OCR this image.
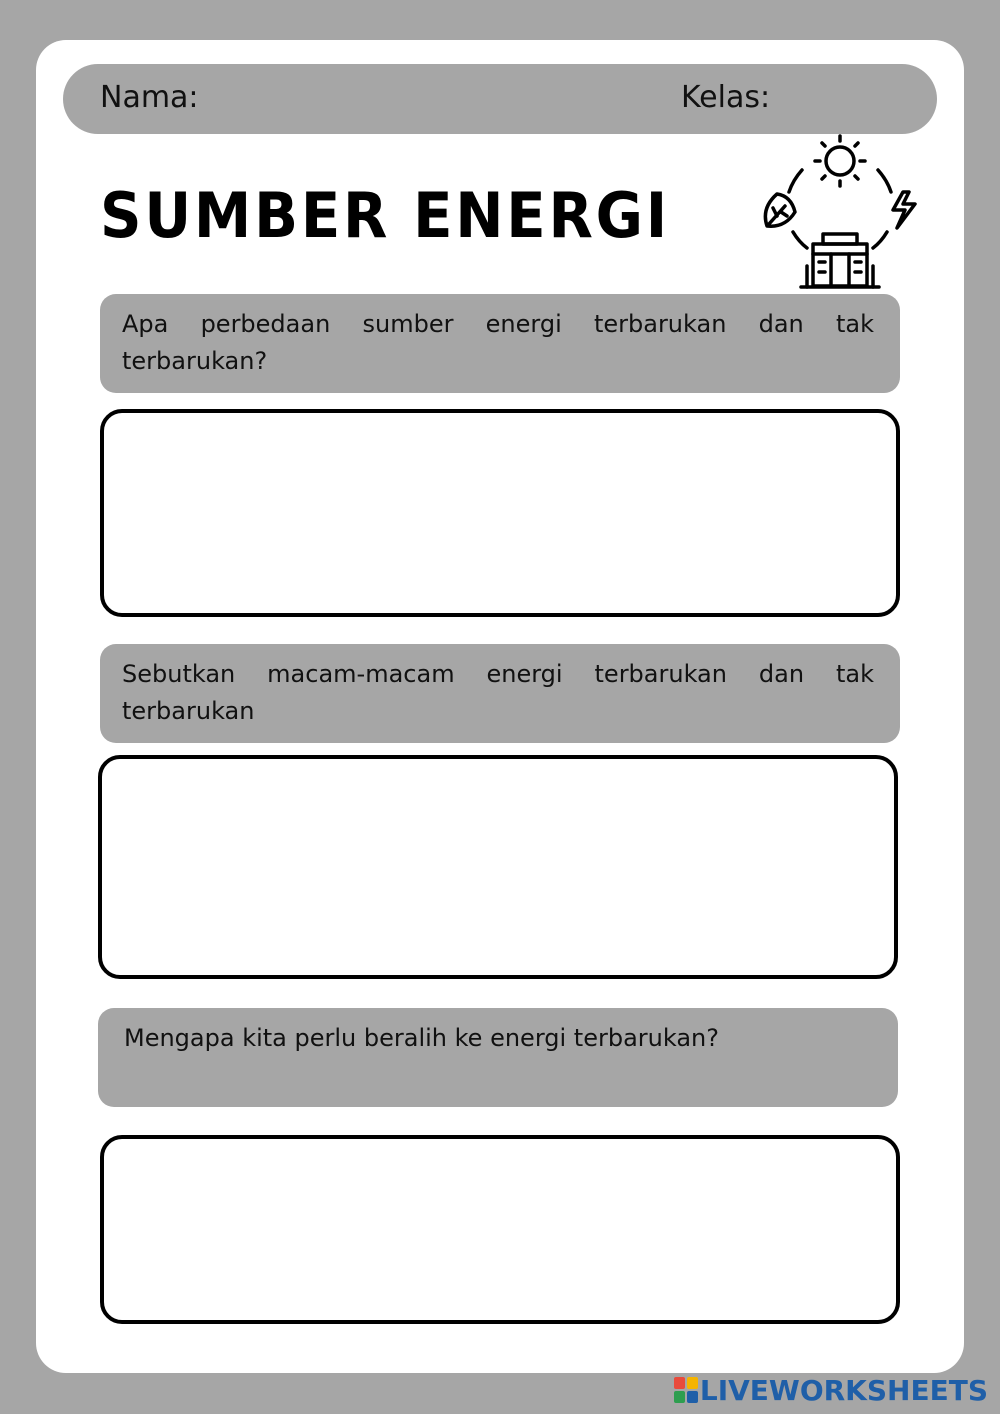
Nama:	Kelas:
SUMBER ENERGI
Apa perbedaan sumber energi terbarukan dan tak terbarukan?
Sebutkan macam-macam energi terbarukan dan tak terbarukan
Mengapa kita perlu beralih ke energi terbarukan?
LIVEWORKSHEETS
